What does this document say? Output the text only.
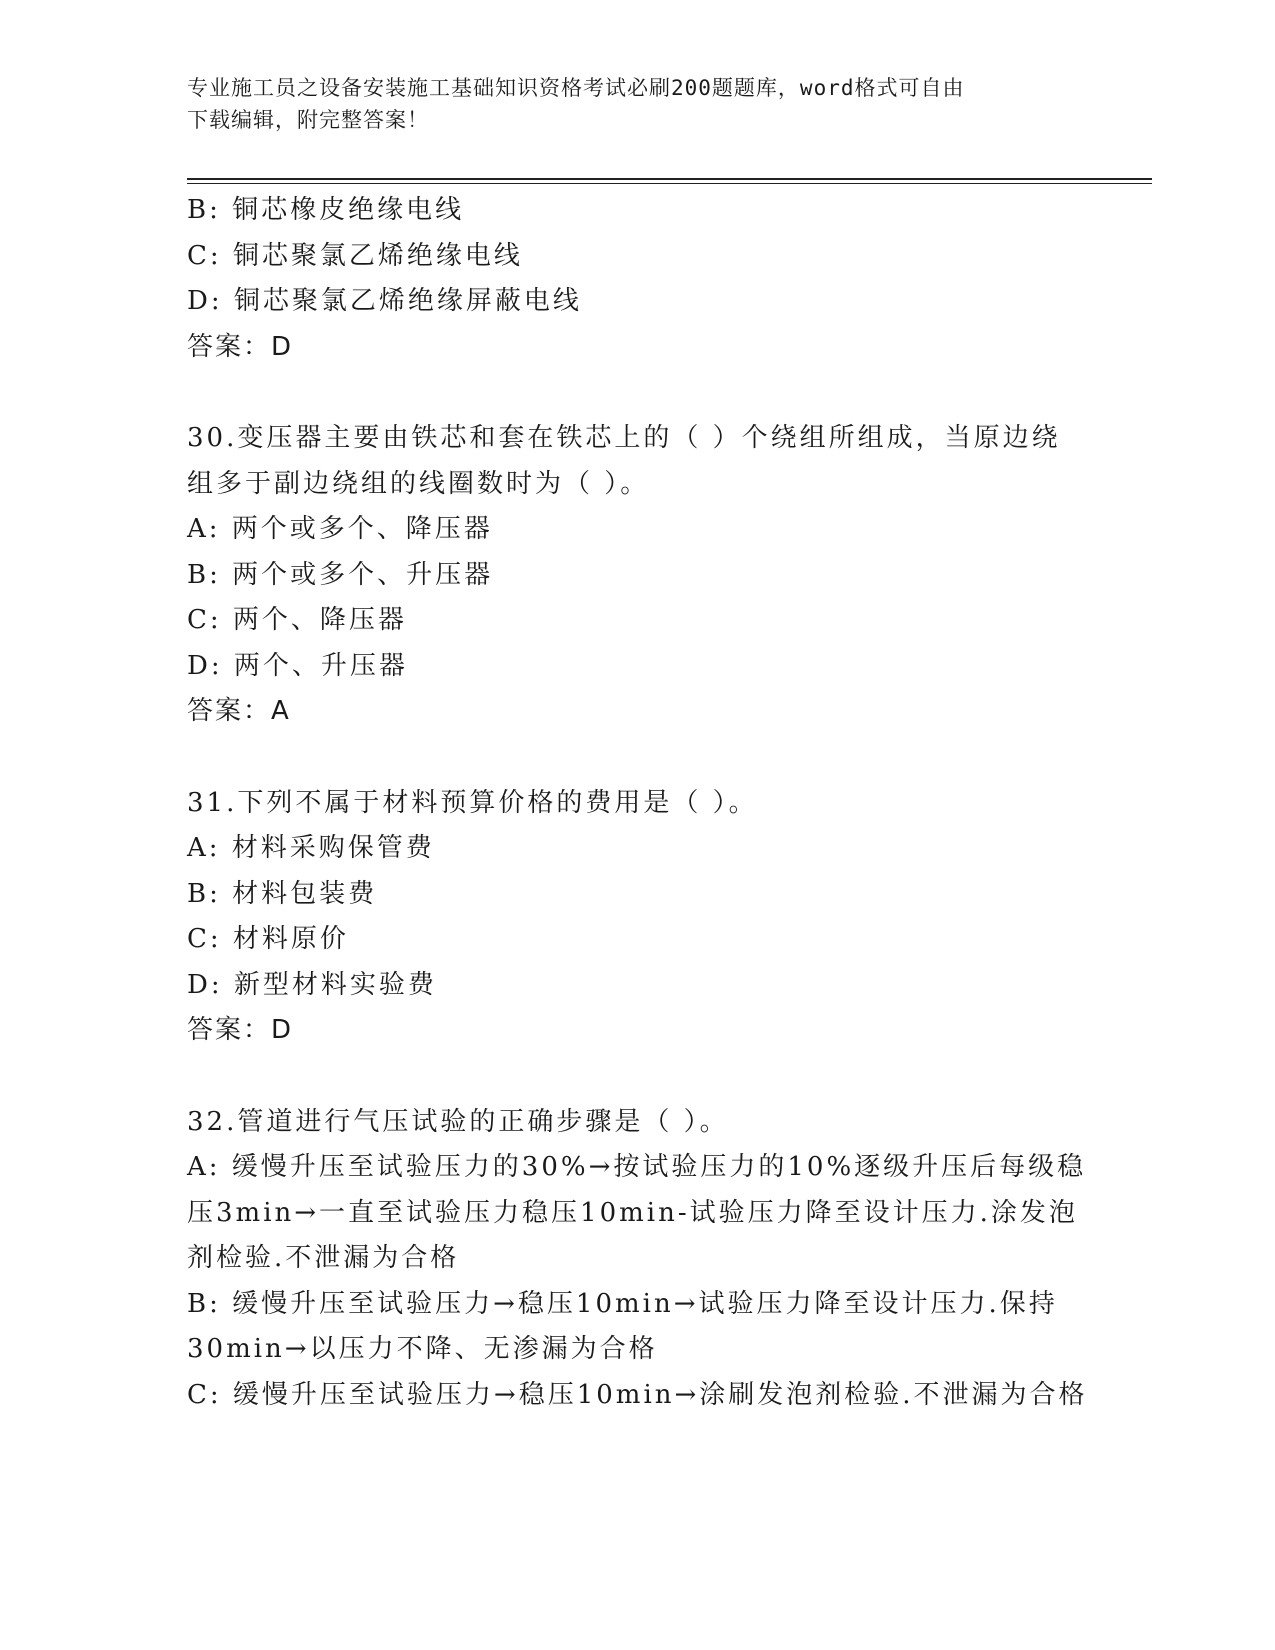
专业施工员之设备安装施工基础知识资格考试必刷200题题库，word格式可自由
下载编辑，附完整答案！
B: 铜芯橡皮绝缘电线
C: 铜芯聚氯乙烯绝缘电线
D: 铜芯聚氯乙烯绝缘屏蔽电线
答案：D
30.变压器主要由铁芯和套在铁芯上的（ ）个绕组所组成，当原边绕
组多于副边绕组的线圈数时为（ ）。
A: 两个或多个、降压器
B: 两个或多个、升压器
C: 两个、降压器
D: 两个、升压器
答案：A
31.下列不属于材料预算价格的费用是（ ）。
A: 材料采购保管费
B: 材料包装费
C: 材料原价
D: 新型材料实验费
答案：D
32.管道进行气压试验的正确步骤是（ ）。
A: 缓慢升压至试验压力的30%→按试验压力的10%逐级升压后每级稳
压3min→一直至试验压力稳压10min-试验压力降至设计压力.涂发泡
剂检验.不泄漏为合格
B: 缓慢升压至试验压力→稳压10min→试验压力降至设计压力.保持
30min→以压力不降、无渗漏为合格
C: 缓慢升压至试验压力→稳压10min→涂刷发泡剂检验.不泄漏为合格
